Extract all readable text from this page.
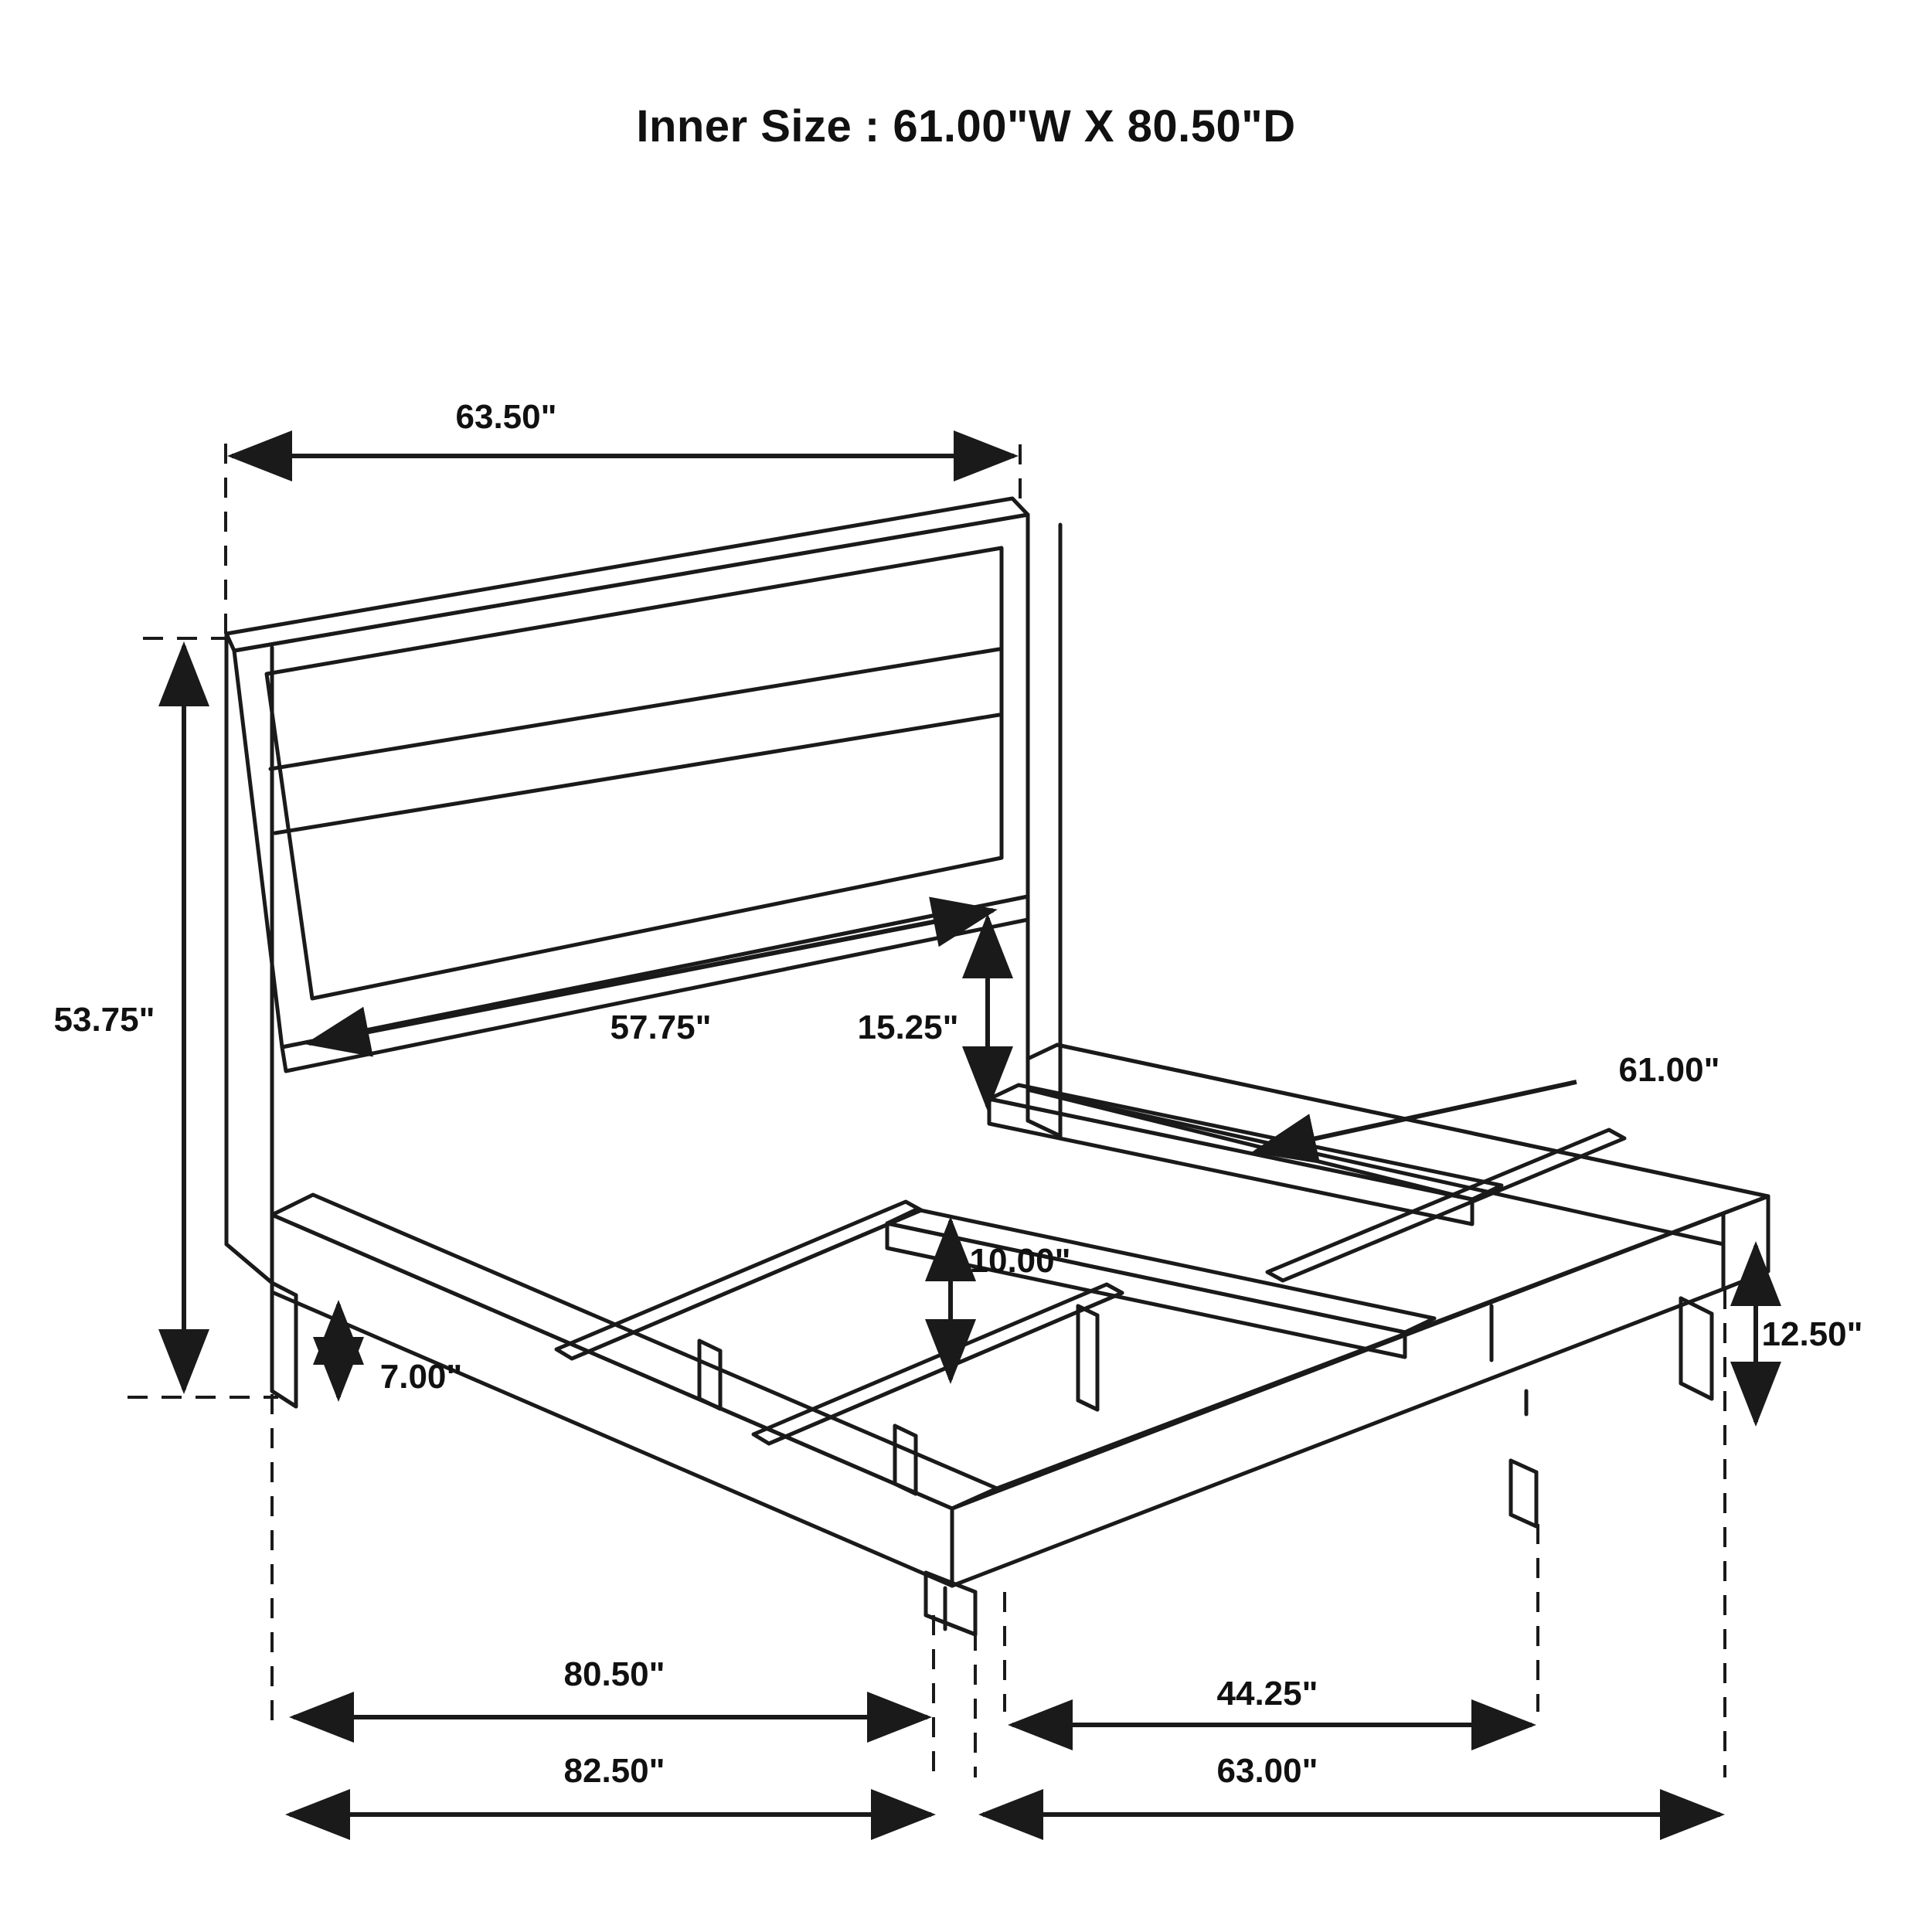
Inner Size : 61.00"W X 80.50"D
63.50"
53.75"	57.75"	15.25"
61.00"
10.00"
7.00"
12.50"
80.50"
44.25"
82.50"	63.00"
